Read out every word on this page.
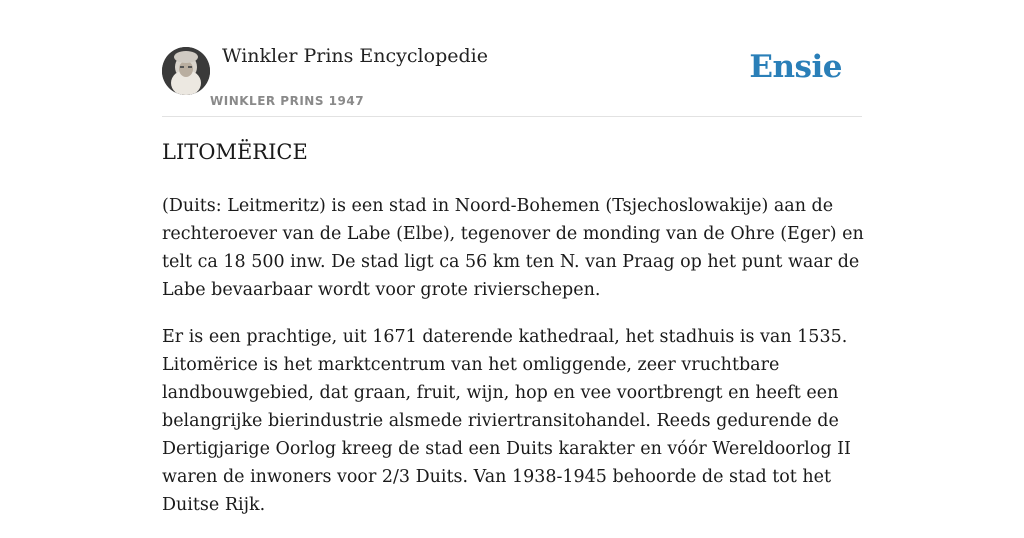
Winkler Prins Encyclopedie
WINKLER PRINS 1947
Ensie
LITOMËRICE

(Duits: Leitmeritz) is een stad in Noord-Bohemen (Tsjechoslowakije) aan de rechteroever van de Labe (Elbe), tegenover de monding van de Ohre (Eger) en telt ca 18 500 inw. De stad ligt ca 56 km ten N. van Praag op het punt waar de Labe bevaarbaar wordt voor grote rivierschepen.

Er is een prachtige, uit 1671 daterende kathedraal, het stadhuis is van 1535. Litomërice is het marktcentrum van het omliggende, zeer vruchtbare landbouwgebied, dat graan, fruit, wijn, hop en vee voortbrengt en heeft een belangrijke bierindustrie alsmede riviertransitohandel. Reeds gedurende de Dertigjarige Oorlog kreeg de stad een Duits karakter en vóór Wereldoorlog II waren de inwoners voor 2/3 Duits. Van 1938-1945 behoorde de stad tot het Duitse Rijk.
